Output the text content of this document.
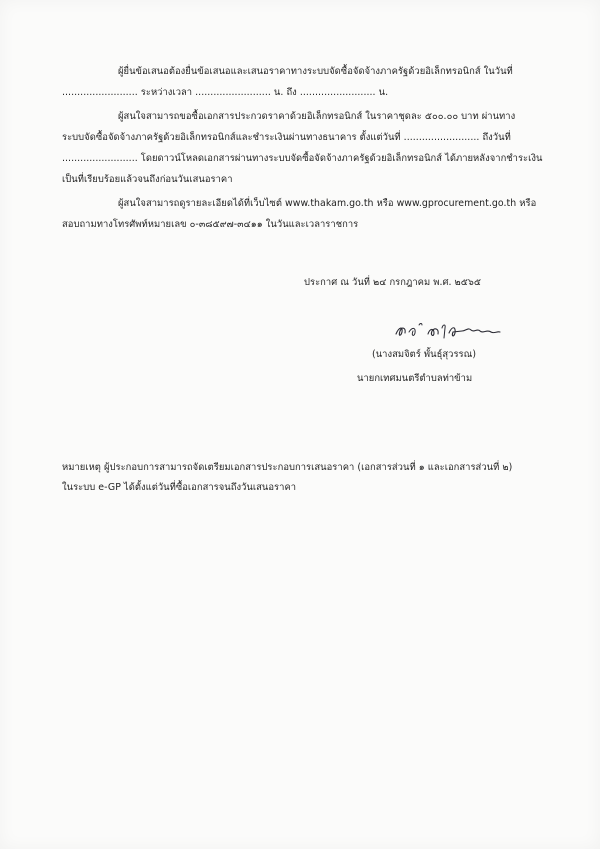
ผู้ยื่นข้อเสนอต้องยื่นข้อเสนอและเสนอราคาทางระบบจัดซื้อจัดจ้างภาครัฐด้วยอิเล็กทรอนิกส์ ในวันที่
......................... ระหว่างเวลา ......................... น. ถึง ......................... น.
ผู้สนใจสามารถขอซื้อเอกสารประกวดราคาด้วยอิเล็กทรอนิกส์ ในราคาชุดละ ๕๐๐.๐๐ บาท ผ่านทาง
ระบบจัดซื้อจัดจ้างภาครัฐด้วยอิเล็กทรอนิกส์และชำระเงินผ่านทางธนาคาร ตั้งแต่วันที่ ......................... ถึงวันที่
......................... โดยดาวน์โหลดเอกสารผ่านทางระบบจัดซื้อจัดจ้างภาครัฐด้วยอิเล็กทรอนิกส์ ได้ภายหลังจากชำระเงิน
เป็นที่เรียบร้อยแล้วจนถึงก่อนวันเสนอราคา
ผู้สนใจสามารถดูรายละเอียดได้ที่เว็บไซต์ www.thakam.go.th หรือ www.gprocurement.go.th หรือ
สอบถามทางโทรศัพท์หมายเลข ๐-๓๘๕๙๗-๓๔๑๑ ในวันและเวลาราชการ
ประกาศ ณ วันที่ ๒๔ กรกฎาคม พ.ศ. ๒๕๖๕
(นางสมจิตร์ พั้นธุ์สุวรรณ)
นายกเทศมนตรีตำบลท่าข้าม
หมายเหตุ ผู้ประกอบการสามารถจัดเตรียมเอกสารประกอบการเสนอราคา (เอกสารส่วนที่ ๑ และเอกสารส่วนที่ ๒)
ในระบบ e-GP ได้ตั้งแต่วันที่ซื้อเอกสารจนถึงวันเสนอราคา
